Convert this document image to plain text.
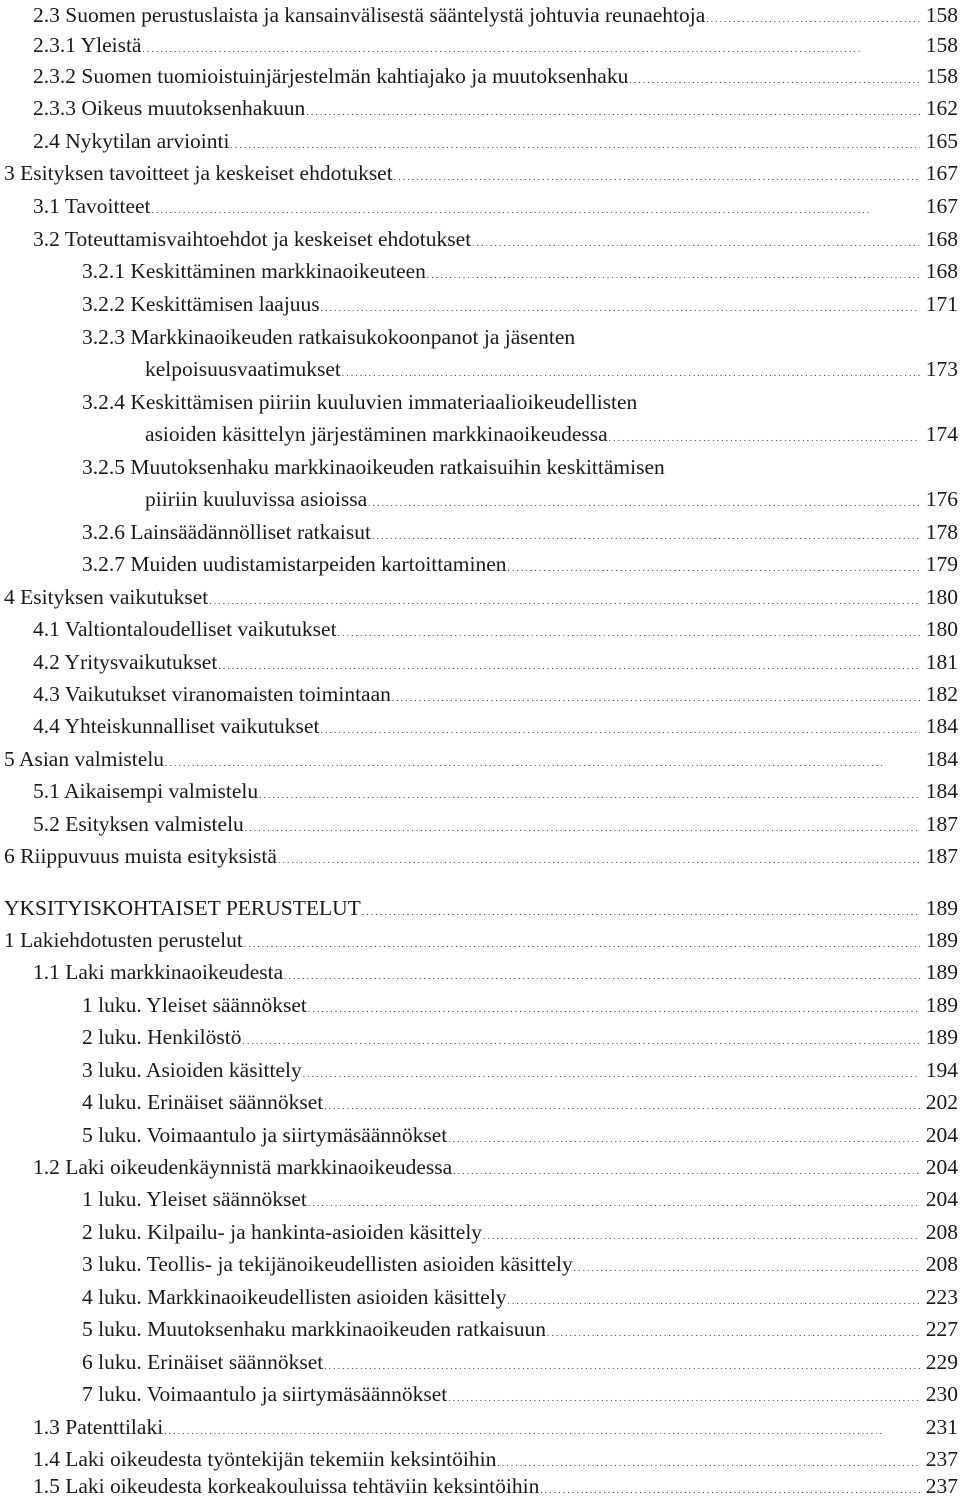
2.3 Suomen perustuslaista ja kansainvälisestä sääntelystä johtuvia reunaehtoja . . .	158
2.3.1 Yleistä . . .	158
2.3.2 Suomen tuomioistuinjärjestelmän kahtiajako ja muutoksenhaku . . .	158
2.3.3 Oikeus muutoksenhakuun . . .	162
2.4 Nykytilan arviointi . . .	165
3 Esityksen tavoitteet ja keskeiset ehdotukset . . .	167
3.1 Tavoitteet . . .	167
3.2 Toteuttamisvaihtoehdot ja keskeiset ehdotukset . . .	168
3.2.1 Keskittäminen markkinaoikeuteen . . .	168
3.2.2 Keskittämisen laajuus . . .	171
3.2.3 Markkinaoikeuden ratkaisukokoonpanot ja jäsenten
kelpoisuusvaatimukset . . .	173
3.2.4 Keskittämisen piiriin kuuluvien immateriaalioikeudellisten
asioiden käsittelyn järjestäminen markkinaoikeudessa . . .	174
3.2.5 Muutoksenhaku markkinaoikeuden ratkaisuihin keskittämisen
piiriin kuuluvissa asioissa . . .	176
3.2.6 Lainsäädännölliset ratkaisut . . .	178
3.2.7 Muiden uudistamistarpeiden kartoittaminen . . .	179
4 Esityksen vaikutukset . . .	180
4.1 Valtiontaloudelliset vaikutukset . . .	180
4.2 Yritysvaikutukset . . .	181
4.3 Vaikutukset viranomaisten toimintaan . . .	182
4.4 Yhteiskunnalliset vaikutukset . . .	184
5 Asian valmistelu . . .	184
5.1 Aikaisempi valmistelu . . .	184
5.2 Esityksen valmistelu . . .	187
6 Riippuvuus muista esityksistä . . .	187
YKSITYISKOHTAISET PERUSTELUT . . .	189
1 Lakiehdotusten perustelut . . .	189
1.1 Laki markkinaoikeudesta . . .	189
1 luku. Yleiset säännökset . . .	189
2 luku. Henkilöstö . . .	189
3 luku. Asioiden käsittely . . .	194
4 luku. Erinäiset säännökset . . .	202
5 luku. Voimaantulo ja siirtymäsäännökset . . .	204
1.2 Laki oikeudenkäynnistä markkinaoikeudessa . . .	204
1 luku. Yleiset säännökset . . .	204
2 luku. Kilpailu- ja hankinta-asioiden käsittely . . .	208
3 luku. Teollis- ja tekijänoikeudellisten asioiden käsittely . . .	208
4 luku. Markkinaoikeudellisten asioiden käsittely . . .	223
5 luku. Muutoksenhaku markkinaoikeuden ratkaisuun . . .	227
6 luku. Erinäiset säännökset . . .	229
7 luku. Voimaantulo ja siirtymäsäännökset . . .	230
1.3 Patenttilaki . . .	231
1.4 Laki oikeudesta työntekijän tekemiin keksintöihin . . .	237
1.5 Laki oikeudesta korkeakouluissa tehtäviin keksintöihin . . .	237
